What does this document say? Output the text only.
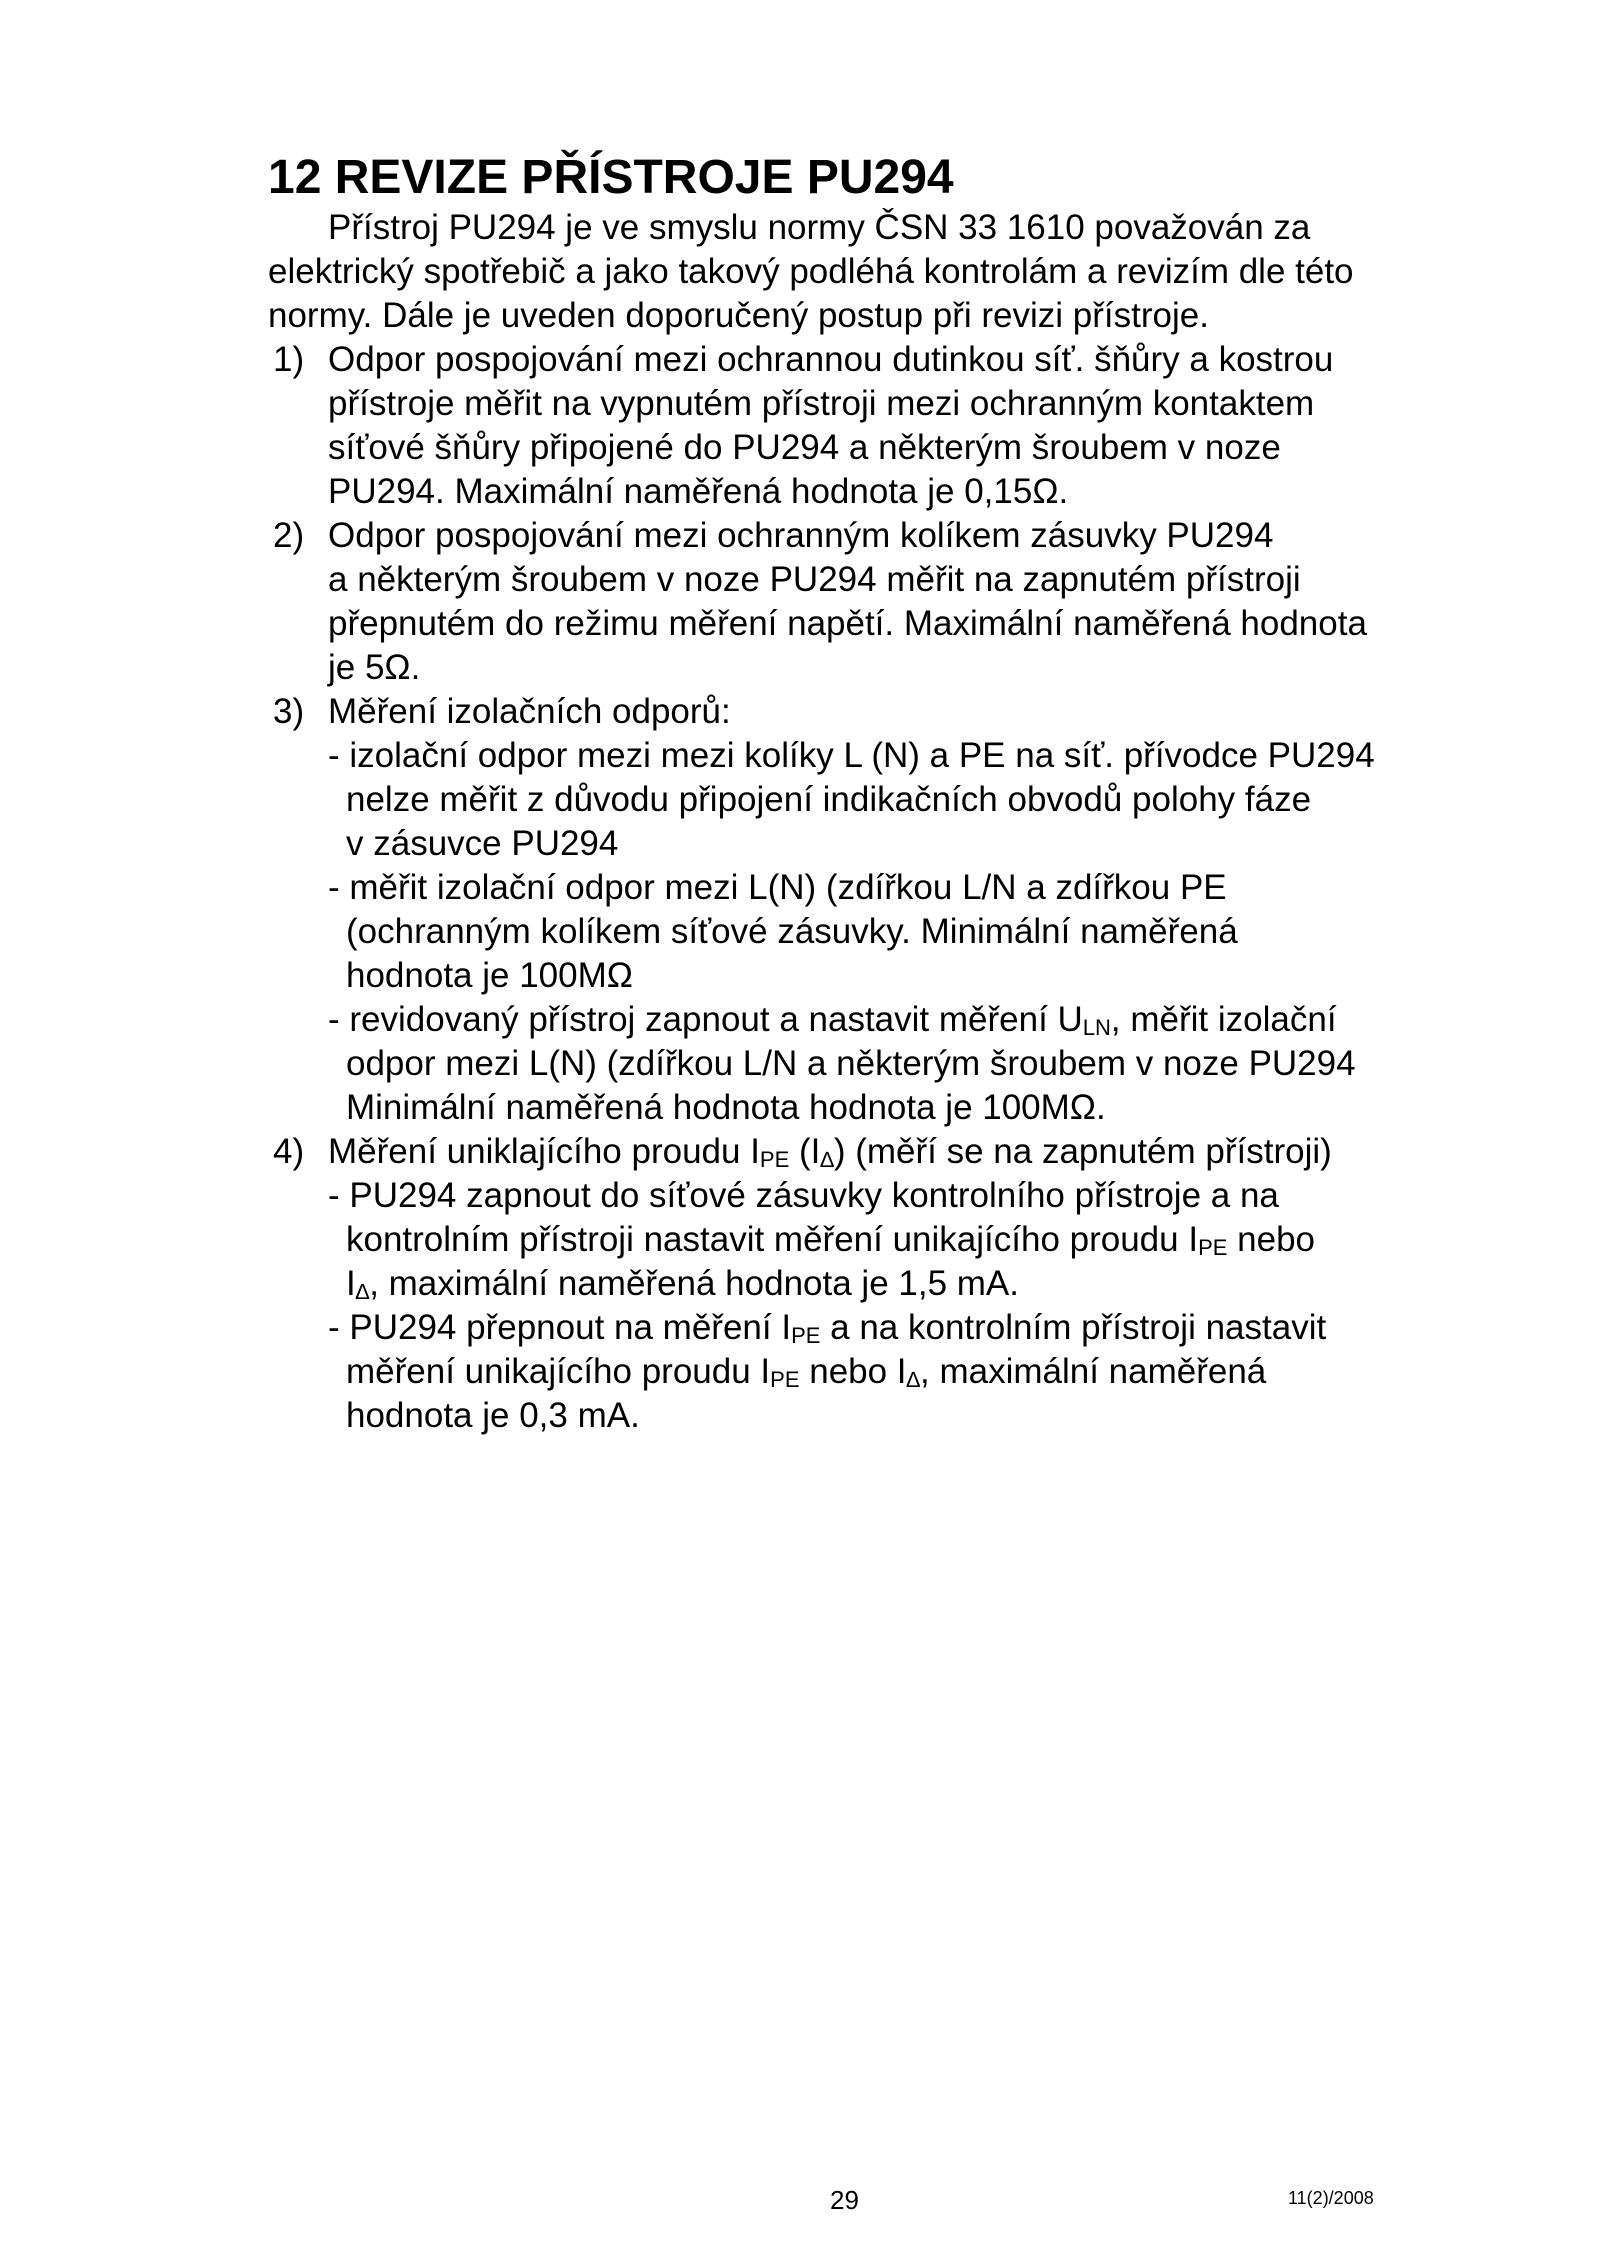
12 REVIZE PŘÍSTROJE PU294
Přístroj PU294 je ve smyslu normy ČSN 33 1610 považován za
elektrický spotřebič a jako takový podléhá kontrolám a revizím dle této
normy. Dále je uveden doporučený postup při revizi přístroje.
1) Odpor pospojování mezi ochrannou dutinkou síť. šňůry a kostrou
přístroje měřit na vypnutém přístroji mezi ochranným kontaktem
síťové šňůry připojené do PU294 a některým šroubem v noze
PU294. Maximální naměřená hodnota je 0,15Ω.
2) Odpor pospojování mezi ochranným kolíkem zásuvky PU294
a některým šroubem v noze PU294 měřit na zapnutém přístroji
přepnutém do režimu měření napětí. Maximální naměřená hodnota
je 5Ω.
3) Měření izolačních odporů:
- izolační odpor mezi mezi kolíky L (N) a PE na síť. přívodce PU294
nelze měřit z důvodu připojení indikačních obvodů polohy fáze
v zásuvce PU294
- měřit izolační odpor mezi L(N) (zdířkou L/N a zdířkou PE
(ochranným kolíkem síťové zásuvky. Minimální naměřená
hodnota je 100MΩ
- revidovaný přístroj zapnout a nastavit měření $U_{LN}$, měřit izolační
odpor mezi L(N) (zdířkou L/N a některým šroubem v noze PU294
Minimální naměřená hodnota hodnota je 100MΩ.
4) Měření uniklajícího proudu $I_{PE}$ $(I_\Delta)$ (měří se na zapnutém přístroji)
- PU294 zapnout do síťové zásuvky kontrolního přístroje a na
kontrolním přístroji nastavit měření unikajícího proudu $I_{PE}$ nebo
$I_\Delta$, maximální naměřená hodnota je 1,5 mA.
- PU294 přepnout na měření $I_{PE}$ a na kontrolním přístroji nastavit
měření unikajícího proudu $I_{PE}$ nebo $I_\Delta$, maximální naměřená
hodnota je 0,3 mA.
29	11(2)/2008
